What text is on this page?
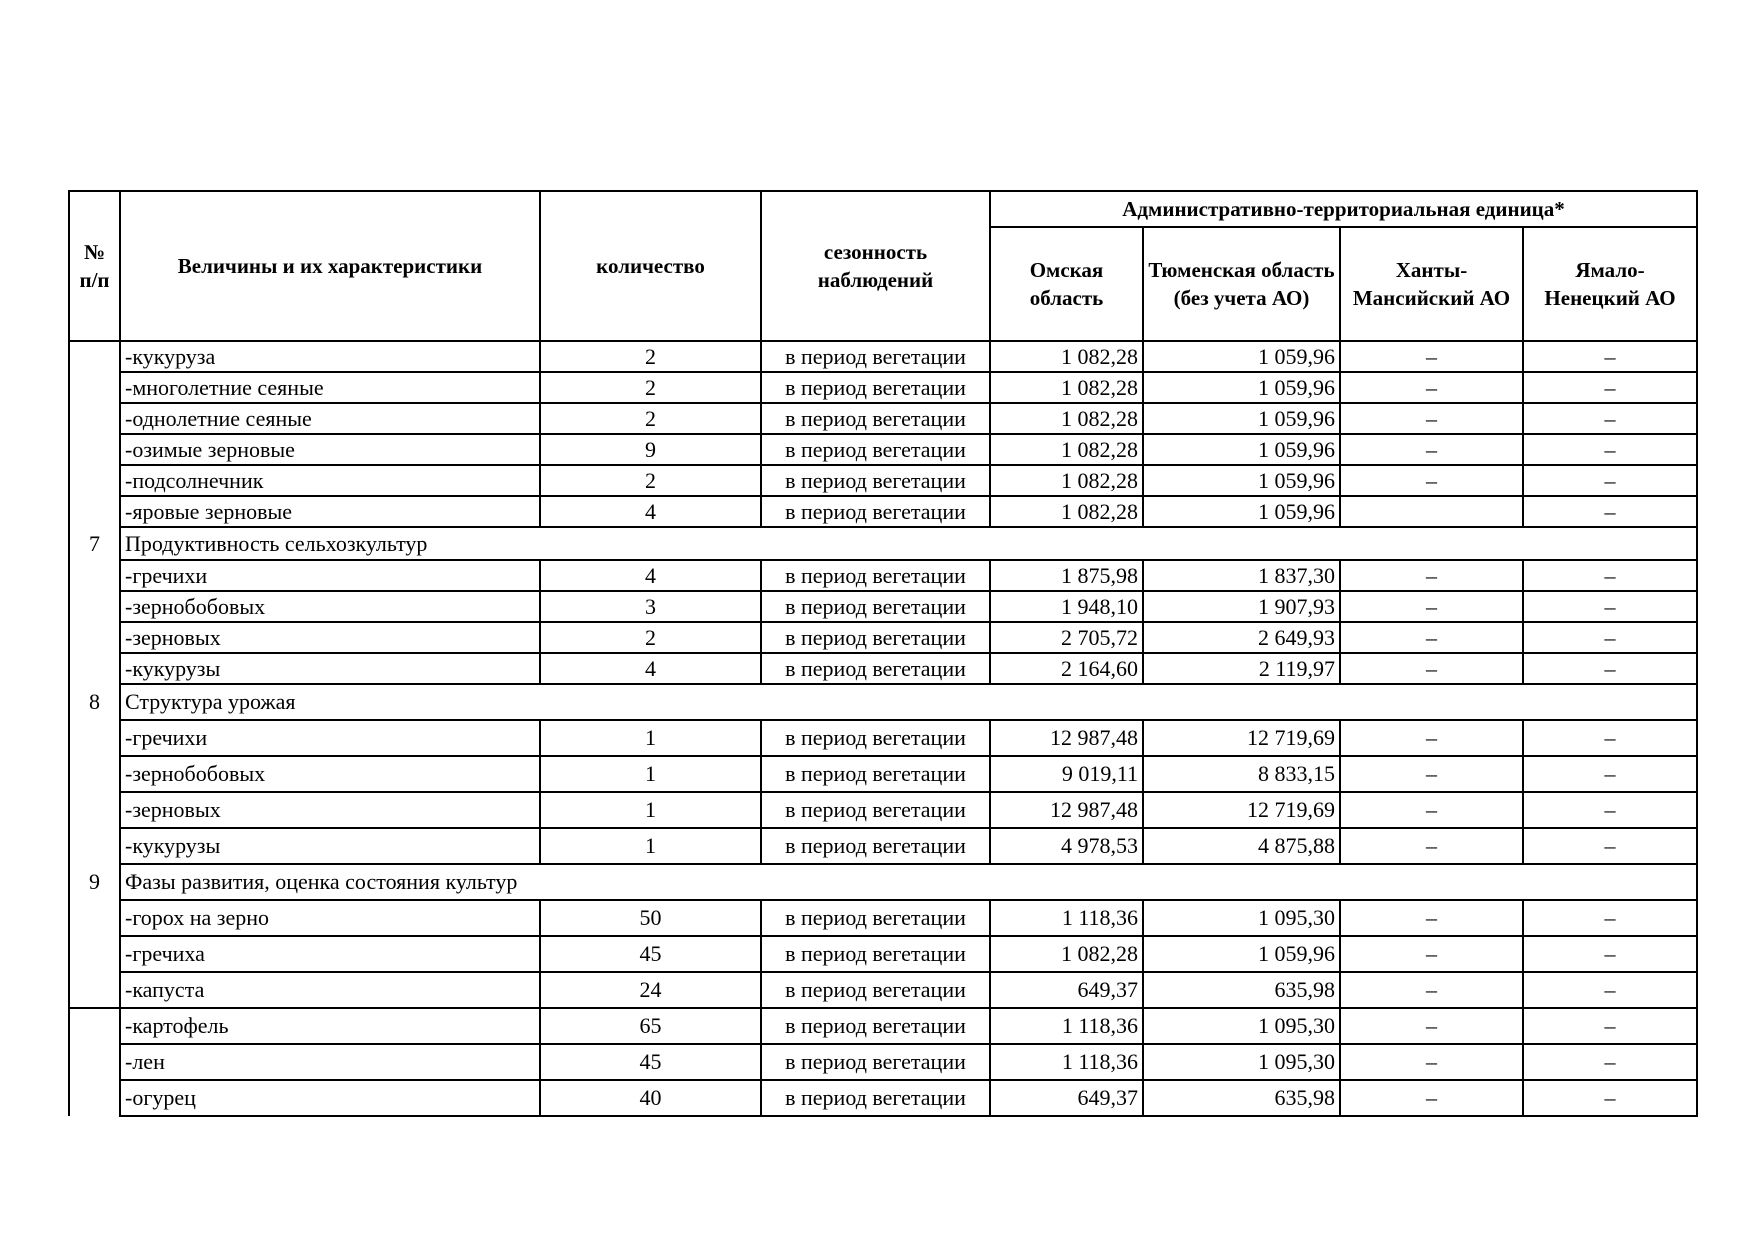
№
п/п	Величины и их характеристики	количество	сезонность наблюдений	Административно-территориальная единица*			
				Омская область	Тюменская область (без учета АО)	Ханты-Мансийский АО	Ямало-Ненецкий АО
	-кукуруза	2	в период вегетации	1 082,28	1 059,96	–	–
	-многолетние сеяные	2	в период вегетации	1 082,28	1 059,96	–	–
	-однолетние сеяные	2	в период вегетации	1 082,28	1 059,96	–	–
	-озимые зерновые	9	в период вегетации	1 082,28	1 059,96	–	–
	-подсолнечник	2	в период вегетации	1 082,28	1 059,96	–	–
	-яровые зерновые	4	в период вегетации	1 082,28	1 059,96		–
7	Продуктивность сельхозкультур						
	-гречихи	4	в период вегетации	1 875,98	1 837,30	–	–
	-зернобобовых	3	в период вегетации	1 948,10	1 907,93	–	–
	-зерновых	2	в период вегетации	2 705,72	2 649,93	–	–
	-кукурузы	4	в период вегетации	2 164,60	2 119,97	–	–
8	Структура урожая						
	-гречихи	1	в период вегетации	12 987,48	12 719,69	–	–
	-зернобобовых	1	в период вегетации	9 019,11	8 833,15	–	–
	-зерновых	1	в период вегетации	12 987,48	12 719,69	–	–
	-кукурузы	1	в период вегетации	4 978,53	4 875,88	–	–
9	Фазы развития, оценка состояния культур						
	-горох на зерно	50	в период вегетации	1 118,36	1 095,30	–	–
	-гречиха	45	в период вегетации	1 082,28	1 059,96	–	–
	-капуста	24	в период вегетации	649,37	635,98	–	–
	-картофель	65	в период вегетации	1 118,36	1 095,30	–	–
	-лен	45	в период вегетации	1 118,36	1 095,30	–	–
	-огурец	40	в период вегетации	649,37	635,98	–	–
